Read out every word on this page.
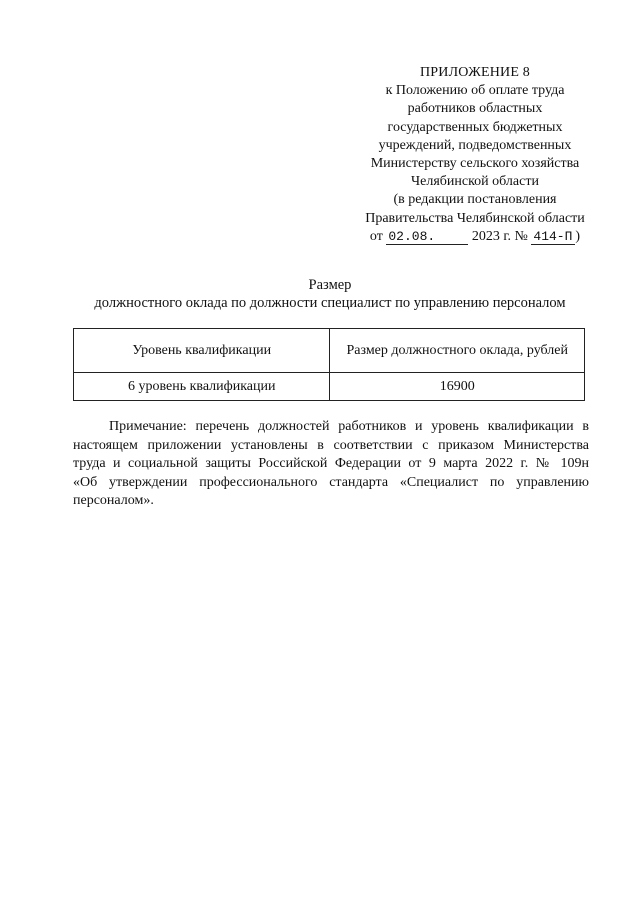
ПРИЛОЖЕНИЕ 8
к Положению об оплате труда
работников областных
государственных бюджетных
учреждений, подведомственных
Министерству сельского хозяйства
Челябинской области
(в редакции постановления
Правительства Челябинской области
от 02.08.	2023 г. № 414-П )
Размер
должностного оклада по должности специалист по управлению персоналом
Уровень квалификации	Размер должностного оклада, рублей
6 уровень квалификации	16900
Примечание: перечень должностей работников и уровень квалификации в
настоящем приложении установлены в соответствии с приказом Министерства
труда и социальной защиты Российской Федерации от 9 марта 2022 г. № 109н
«Об утверждении профессионального стандарта «Специалист по управлению
персоналом».
